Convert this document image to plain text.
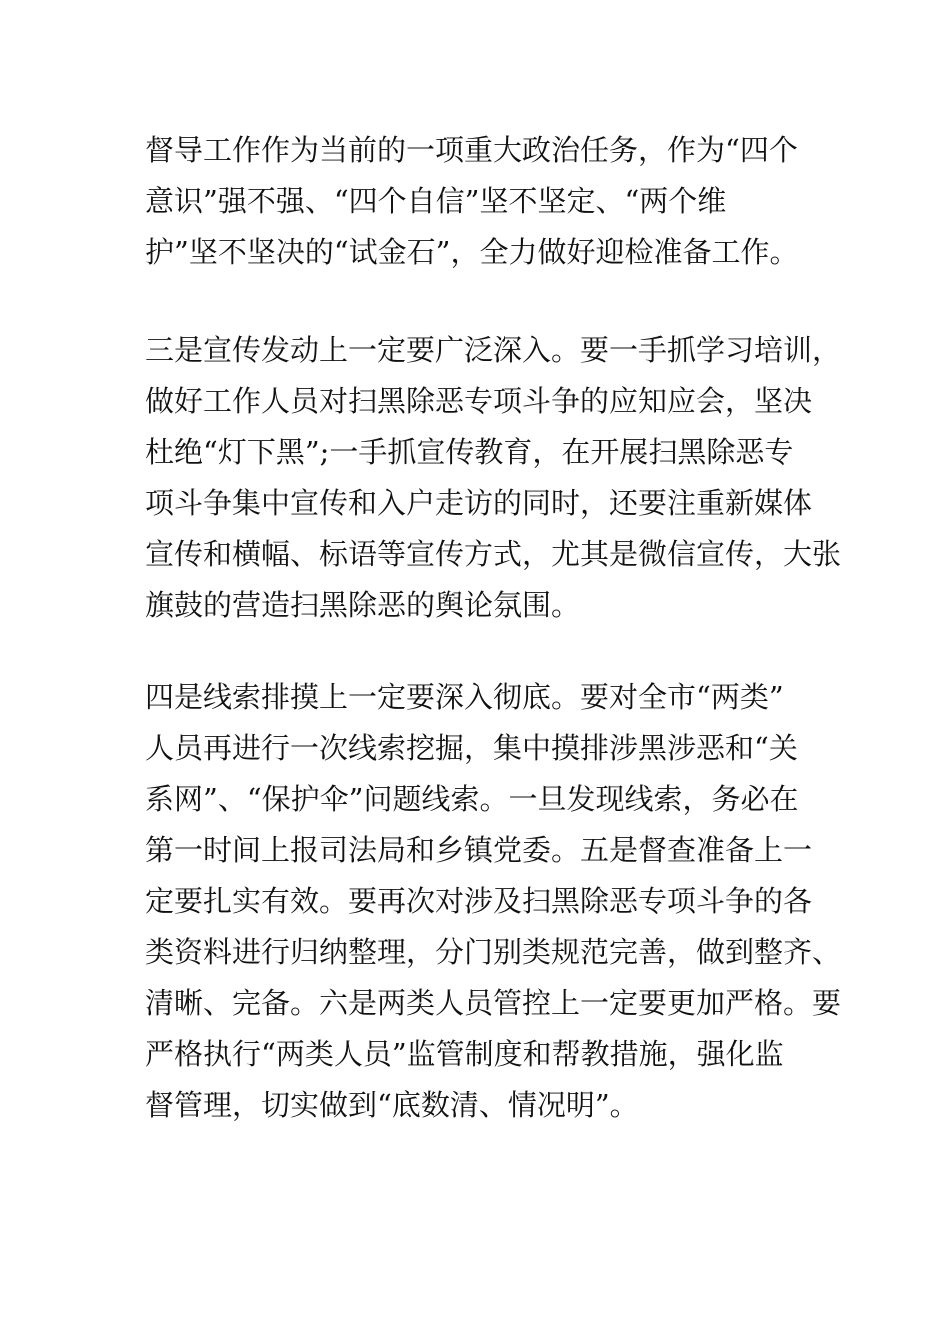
督导工作作为当前的一项重大政治任务，作为“四个
意识”强不强、“四个自信”坚不坚定、“两个维
护”坚不坚决的“试金石”，全力做好迎检准备工作。
三是宣传发动上一定要广泛深入。要一手抓学习培训，
做好工作人员对扫黑除恶专项斗争的应知应会，坚决
杜绝“灯下黑”;一手抓宣传教育，在开展扫黑除恶专
项斗争集中宣传和入户走访的同时，还要注重新媒体
宣传和横幅、标语等宣传方式，尤其是微信宣传，大张
旗鼓的营造扫黑除恶的舆论氛围。
四是线索排摸上一定要深入彻底。要对全市“两类”
人员再进行一次线索挖掘，集中摸排涉黑涉恶和“关
系网”、“保护伞”问题线索。一旦发现线索，务必在
第一时间上报司法局和乡镇党委。五是督查准备上一
定要扎实有效。要再次对涉及扫黑除恶专项斗争的各
类资料进行归纳整理，分门别类规范完善，做到整齐、
清晰、完备。六是两类人员管控上一定要更加严格。要
严格执行“两类人员”监管制度和帮教措施，强化监
督管理，切实做到“底数清、情况明”。
